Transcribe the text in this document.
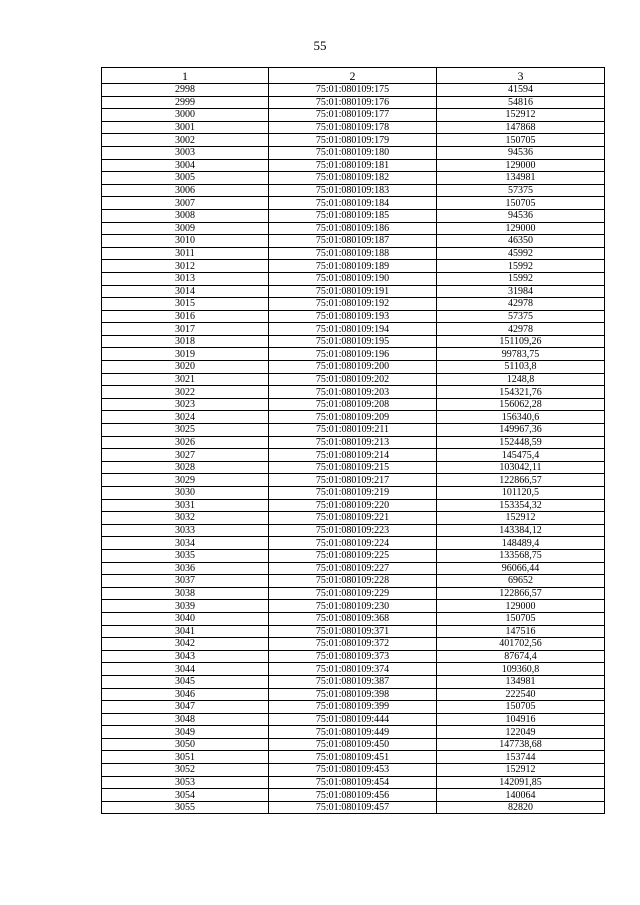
55
1	2	3
2998	75:01:080109:175	41594
2999	75:01:080109:176	54816
3000	75:01:080109:177	152912
3001	75:01:080109:178	147868
3002	75:01:080109:179	150705
3003	75:01:080109:180	94536
3004	75:01:080109:181	129000
3005	75:01:080109:182	134981
3006	75:01:080109:183	57375
3007	75:01:080109:184	150705
3008	75:01:080109:185	94536
3009	75:01:080109:186	129000
3010	75:01:080109:187	46350
3011	75:01:080109:188	45992
3012	75:01:080109:189	15992
3013	75:01:080109:190	15992
3014	75:01:080109:191	31984
3015	75:01:080109:192	42978
3016	75:01:080109:193	57375
3017	75:01:080109:194	42978
3018	75:01:080109:195	151109,26
3019	75:01:080109:196	99783,75
3020	75:01:080109:200	51103,8
3021	75:01:080109:202	1248,8
3022	75:01:080109:203	154321,76
3023	75:01:080109:208	156062,28
3024	75:01:080109:209	156340,6
3025	75:01:080109:211	149967,36
3026	75:01:080109:213	152448,59
3027	75:01:080109:214	145475,4
3028	75:01:080109:215	103042,11
3029	75:01:080109:217	122866,57
3030	75:01:080109:219	101120,5
3031	75:01:080109:220	153354,32
3032	75:01:080109:221	152912
3033	75:01:080109:223	143384,12
3034	75:01:080109:224	148489,4
3035	75:01:080109:225	133568,75
3036	75:01:080109:227	96066,44
3037	75:01:080109:228	69652
3038	75:01:080109:229	122866,57
3039	75:01:080109:230	129000
3040	75:01:080109:368	150705
3041	75:01:080109:371	147516
3042	75:01:080109:372	401702,56
3043	75:01:080109:373	87674,4
3044	75:01:080109:374	109360,8
3045	75:01:080109:387	134981
3046	75:01:080109:398	222540
3047	75:01:080109:399	150705
3048	75:01:080109:444	104916
3049	75:01:080109:449	122049
3050	75:01:080109:450	147738,68
3051	75:01:080109:451	153744
3052	75:01:080109:453	152912
3053	75:01:080109:454	142091,85
3054	75:01:080109:456	140064
3055	75:01:080109:457	82820
